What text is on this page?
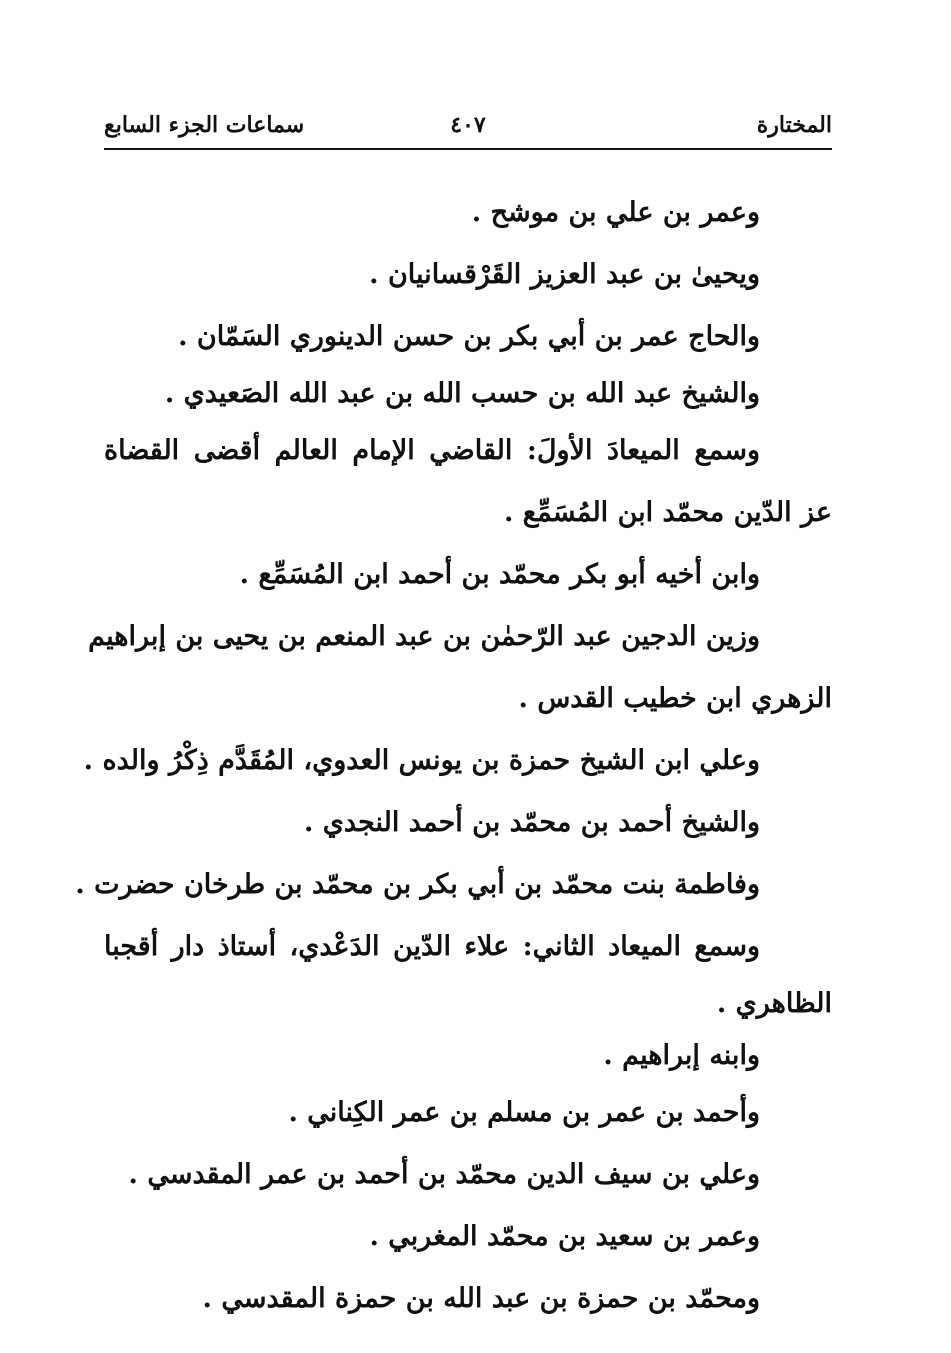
المختارة
٤٠٧
سماعات الجزء السابع
وعمر بن علي بن موشح .
ويحيىٰ بن عبد العزيز القَرْقسانيان .
والحاج عمر بن أبي بكر بن حسن الدينوري السَمّان .
والشيخ عبد الله بن حسب الله بن عبد الله الصَعيدي .
وسمع الميعادَ الأولَ: القاضي الإمام العالم أقضى القضاة
عز الدّين محمّد ابن المُسَمِّع .
وابن أخيه أبو بكر محمّد بن أحمد ابن المُسَمِّع .
وزين الدجين عبد الرّحمٰن بن عبد المنعم بن يحيى بن إبراهيم
الزهري ابن خطيب القدس .
وعلي ابن الشيخ حمزة بن يونس العدوي، المُقَدَّم ذِكْرُ والده .
والشيخ أحمد بن محمّد بن أحمد النجدي .
وفاطمة بنت محمّد بن أبي بكر بن محمّد بن طرخان حضرت .
وسمع الميعاد الثاني: علاء الدّين الدَعْدي، أستاذ دار أقجبا
الظاهري .
وابنه إبراهيم .
وأحمد بن عمر بن مسلم بن عمر الكِناني .
وعلي بن سيف الدين محمّد بن أحمد بن عمر المقدسي .
وعمر بن سعيد بن محمّد المغربي .
ومحمّد بن حمزة بن عبد الله بن حمزة المقدسي .
